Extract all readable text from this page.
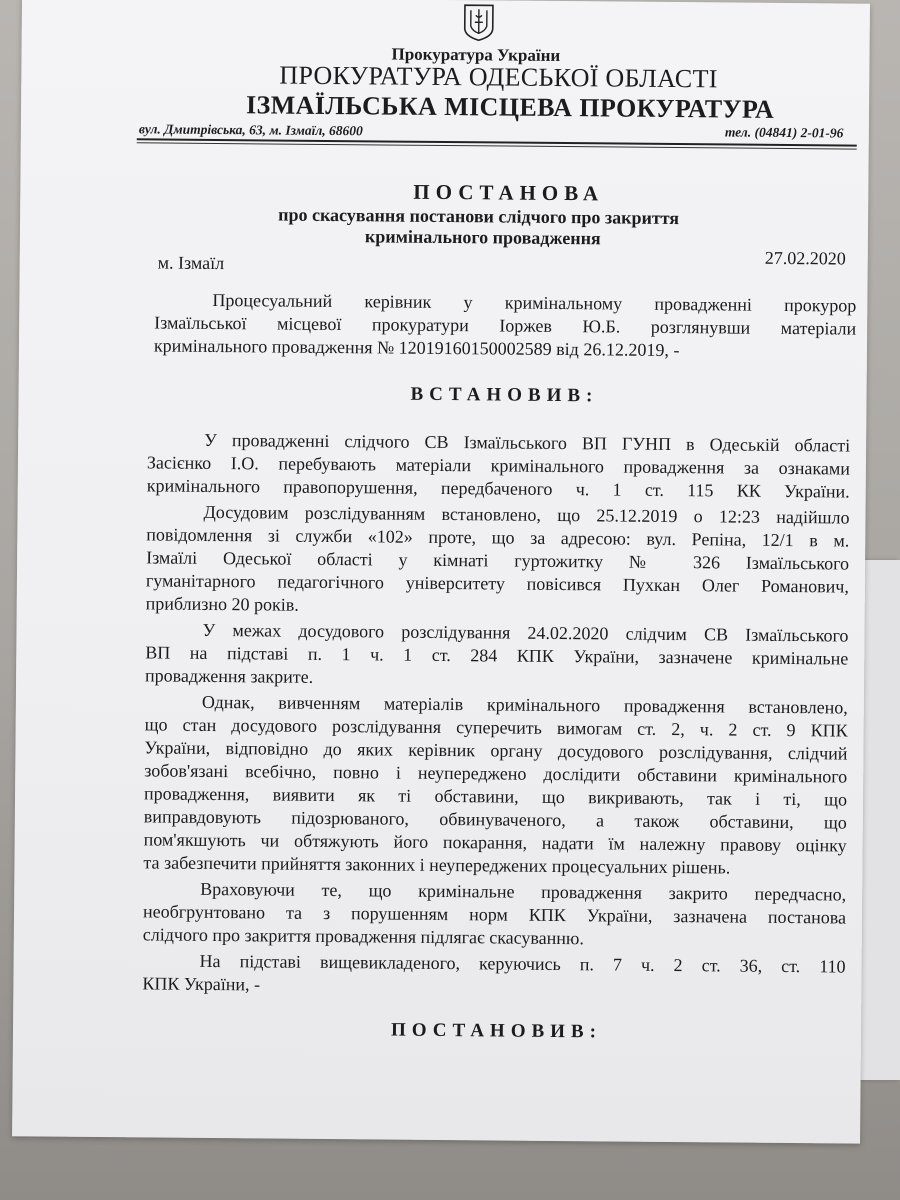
Прокуратура України
ПРОКУРАТУРА ОДЕСЬКОЇ ОБЛАСТІ
ІЗМАЇЛЬСЬКА МІСЦЕВА ПРОКУРАТУРА
вул. Дмитрівська, 63, м. Ізмаїл, 68600	тел. (04841) 2-01-96
ПОСТАНОВА
про скасування постанови слідчого про закриття
кримінального провадження
м. Ізмаїл	27.02.2020
Процесуальний керівник у кримінальному провадженні прокурор
Ізмаїльської місцевої прокуратури Іоржев Ю.Б. розглянувши матеріали
кримінального провадження № 12019160150002589 від 26.12.2019, -
ВСТАНОВИВ:
У провадженні слідчого СВ Ізмаїльського ВП ГУНП в Одеській області
Засієнко І.О. перебувають матеріали кримінального провадження за ознаками
кримінального правопорушення, передбаченого ч. 1 ст. 115 КК України.
Досудовим розслідуванням встановлено, що 25.12.2019 о 12:23 надійшло
повідомлення зі служби «102» проте, що за адресою: вул. Репіна, 12/1 в м.
Ізмаїлі Одеської області у кімнаті гуртожитку № 326 Ізмаїльського
гуманітарного педагогічного університету повісився Пухкан Олег Романович,
приблизно 20 років.
У межах досудового розслідування 24.02.2020 слідчим СВ Ізмаїльського
ВП на підставі п. 1 ч. 1 ст. 284 КПК України, зазначене кримінальне
провадження закрите.
Однак, вивченням матеріалів кримінального провадження встановлено,
що стан досудового розслідування суперечить вимогам ст. 2, ч. 2 ст. 9 КПК
України, відповідно до яких керівник органу досудового розслідування, слідчий
зобов'язані всебічно, повно і неупереджено дослідити обставини кримінального
провадження, виявити як ті обставини, що викривають, так і ті, що
виправдовують підозрюваного, обвинуваченого, а також обставини, що
пом'якшують чи обтяжують його покарання, надати їм належну правову оцінку
та забезпечити прийняття законних і неупереджених процесуальних рішень.
Враховуючи те, що кримінальне провадження закрито передчасно,
необгрунтовано та з порушенням норм КПК України, зазначена постанова
слідчого про закриття провадження підлягає скасуванню.
На підставі вищевикладеного, керуючись п. 7 ч. 2 ст. 36, ст. 110
КПК України, -
ПОСТАНОВИВ:
